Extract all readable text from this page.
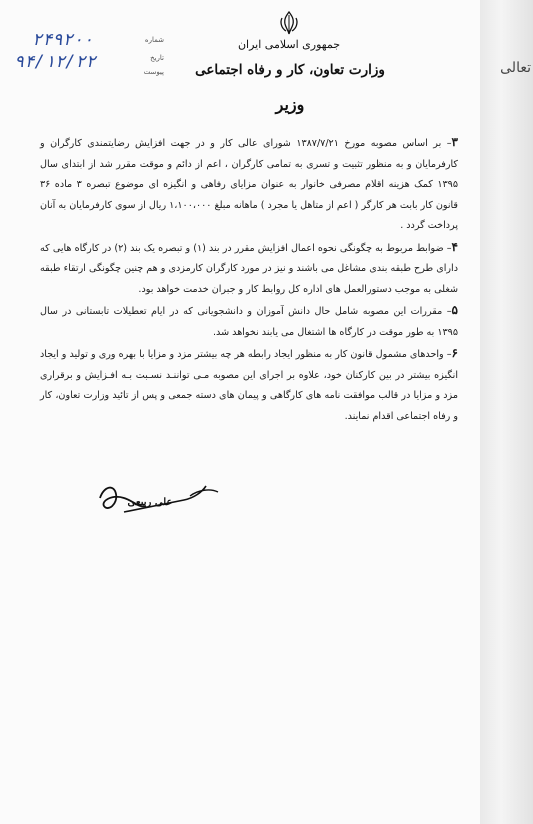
جمهوری اسلامی ایران
وزارت تعاون، کار و رفاه اجتماعی
وزیر
۲۴۹۲۰۰	شماره
۹۴/۱۲/۲۲	تاریخ
پیوست

۳– بر اساس مصوبه مورخ ۱۳۸۷/۷/۲۱ شورای عالی کار و در جهت افزایش رضایتمندی کارگران و کارفرمایان و به منظور تثبیت و تسری به تمامی کارگران ، اعم از دائم و موقت مقرر شد از ابتدای سال ۱۳۹۵ کمک هزینه اقلام مصرفی خانوار به عنوان مزایای رفاهی و انگیزه ای موضوع تبصره ۳ ماده ۳۶ قانون کار بابت هر کارگر ( اعم از متاهل یا مجرد ) ماهانه مبلغ ۱،۱۰۰،۰۰۰ ریال از سوی کارفرمایان به آنان پرداخت گردد .

۴– ضوابط مربوط به چگونگی نحوه اعمال افزایش مقرر در بند (۱) و تبصره یک بند (۲) در کارگاه هایی که دارای طرح طبقه بندی مشاغل می باشند و نیز در مورد کارگران کارمزدی و هم چنین چگونگی ارتقاء طبقه شغلی به موجب دستورالعمل های اداره کل روابط کار و جبران خدمت خواهد بود.

۵– مقررات این مصوبه شامل حال دانش آموزان و دانشجویانی که در ایام تعطیلات تابستانی در سال ۱۳۹۵ به طور موقت در کارگاه ها اشتغال می یابند نخواهد شد.

۶– واحدهای مشمول قانون کار به منظور ایجاد رابطه هر چه بیشتر مزد و مزایا با بهره وری و تولید و ایجاد انگیزه بیشتر در بین کارکنان خود، علاوه بر اجرای این مصوبه مـی تواننـد نسـبت بـه افـزایش و برقراری مزد و مزایا در قالب موافقت نامه های کارگاهی و پیمان های دسته جمعی و پس از تائید وزارت تعاون، کار و رفاه اجتماعی اقدام نمایند.

علی ربیعی
تعالی
